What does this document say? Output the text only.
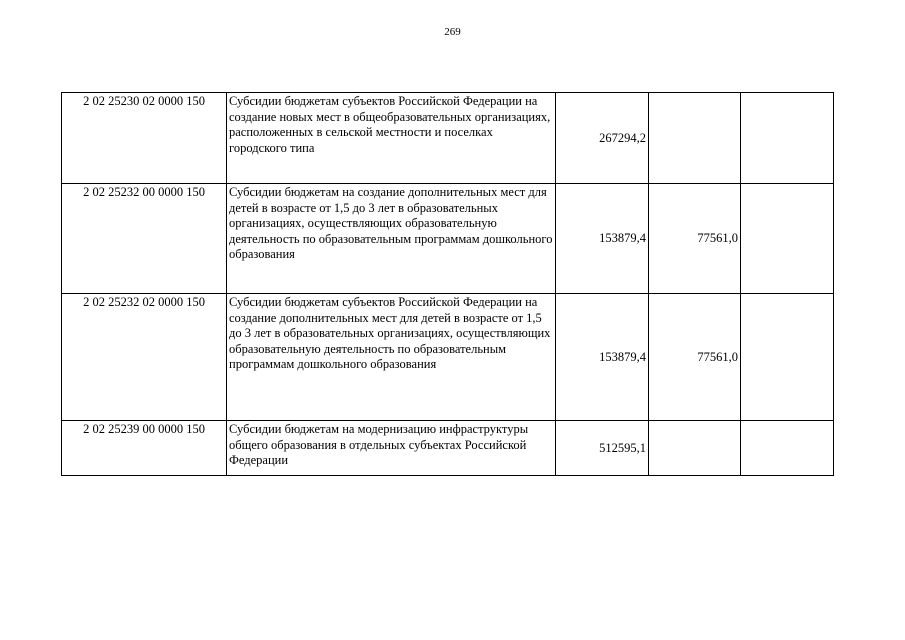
269
2 02 25230 02 0000 150	Субсидии бюджетам субъектов Российской Федерации на создание новых мест в общеобразовательных организациях, расположенных в сельской местности и поселках городского типа	267294,2		
2 02 25232 00 0000 150	Субсидии бюджетам на создание дополнительных мест для детей в возрасте от 1,5 до 3 лет в образовательных организациях, осуществляющих образовательную деятельность по образовательным программам дошкольного образования	153879,4	77561,0	
2 02 25232 02 0000 150	Субсидии бюджетам субъектов Российской Федерации на создание дополнительных мест для детей в возрасте от 1,5 до 3 лет в образовательных организациях, осуществляющих образовательную деятельность по образовательным программам дошкольного образования	153879,4	77561,0	
2 02 25239 00 0000 150	Субсидии бюджетам на модернизацию инфраструктуры общего образования в отдельных субъектах Российской Федерации	512595,1		
